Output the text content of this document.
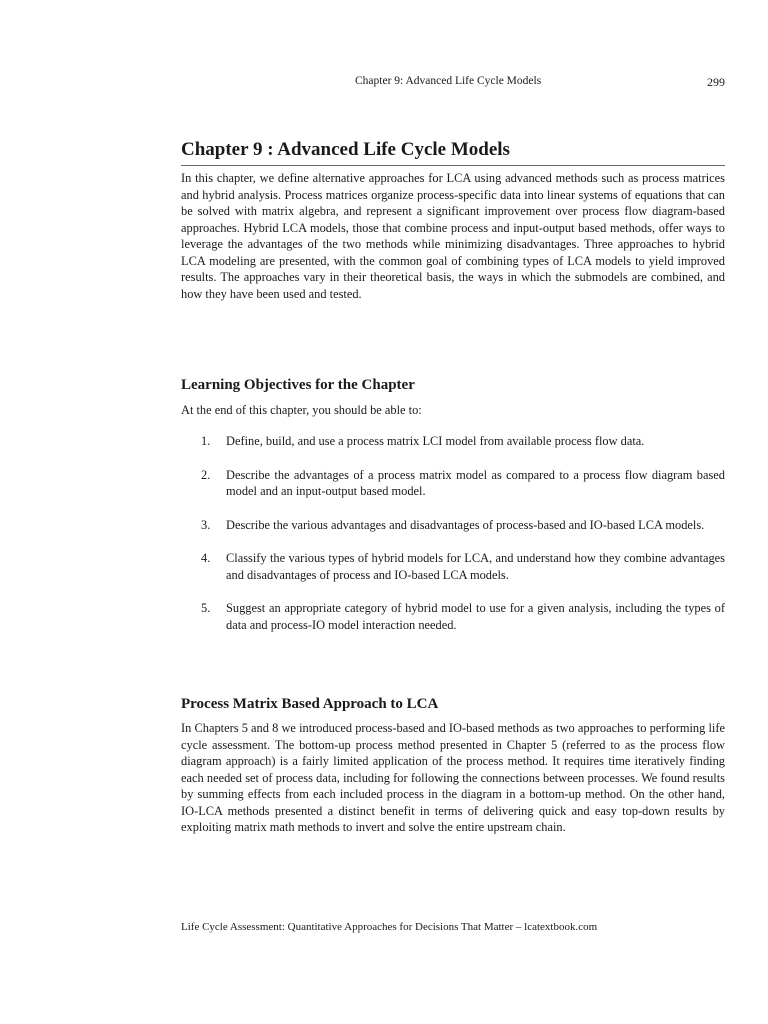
Chapter 9: Advanced Life Cycle Models	299
Chapter 9 : Advanced Life Cycle Models

In this chapter, we define alternative approaches for LCA using advanced methods such as process matrices and hybrid analysis. Process matrices organize process-specific data into linear systems of equations that can be solved with matrix algebra, and represent a significant improvement over process flow diagram-based approaches. Hybrid LCA models, those that combine process and input-output based methods, offer ways to leverage the advantages of the two methods while minimizing disadvantages. Three approaches to hybrid LCA modeling are presented, with the common goal of combining types of LCA models to yield improved results. The approaches vary in their theoretical basis, the ways in which the submodels are combined, and how they have been used and tested.

Learning Objectives for the Chapter

At the end of this chapter, you should be able to:

1. Define, build, and use a process matrix LCI model from available process flow data.

2. Describe the advantages of a process matrix model as compared to a process flow diagram based model and an input-output based model.

3. Describe the various advantages and disadvantages of process-based and IO-based LCA models.

4. Classify the various types of hybrid models for LCA, and understand how they combine advantages and disadvantages of process and IO-based LCA models.

5. Suggest an appropriate category of hybrid model to use for a given analysis, including the types of data and process-IO model interaction needed.

Process Matrix Based Approach to LCA

In Chapters 5 and 8 we introduced process-based and IO-based methods as two approaches to performing life cycle assessment. The bottom-up process method presented in Chapter 5 (referred to as the process flow diagram approach) is a fairly limited application of the process method. It requires time iteratively finding each needed set of process data, including for following the connections between processes. We found results by summing effects from each included process in the diagram in a bottom-up method. On the other hand, IO-LCA methods presented a distinct benefit in terms of delivering quick and easy top-down results by exploiting matrix math methods to invert and solve the entire upstream chain.

Life Cycle Assessment: Quantitative Approaches for Decisions That Matter – lcatextbook.com
